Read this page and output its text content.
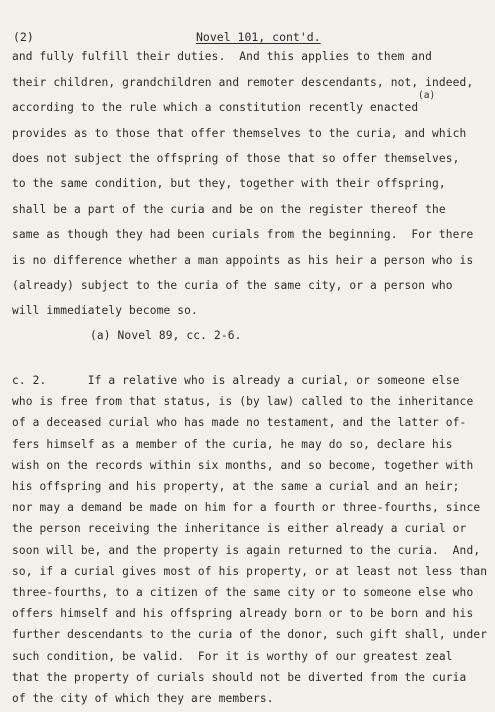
(2)	Novel 101, cont'd.
and fully fulfill their duties.  And this applies to them and
their children, grandchildren and remoter descendants, not, indeed,
according to the rule which a constitution recently enacted
(a)
provides as to those that offer themselves to the curia, and which
does not subject the offspring of those that so offer themselves,
to the same condition, but they, together with their offspring,
shall be a part of the curia and be on the register thereof the
same as though they had been curials from the beginning.  For there
is no difference whether a man appoints as his heir a person who is
(already) subject to the curia of the same city, or a person who
will immediately become so.
(a) Novel 89, cc. 2-6.
c. 2.      If a relative who is already a curial, or someone else
who is free from that status, is (by law) called to the inheritance
of a deceased curial who has made no testament, and the latter of-
fers himself as a member of the curia, he may do so, declare his
wish on the records within six months, and so become, together with
his offspring and his property, at the same a curial and an heir;
nor may a demand be made on him for a fourth or three-fourths, since
the person receiving the inheritance is either already a curial or
soon will be, and the property is again returned to the curia.  And,
so, if a curial gives most of his property, or at least not less than
three-fourths, to a citizen of the same city or to someone else who
offers himself and his offspring already born or to be born and his
further descendants to the curia of the donor, such gift shall, under
such condition, be valid.  For it is worthy of our greatest zeal
that the property of curials should not be diverted from the curia
of the city of which they are members.
